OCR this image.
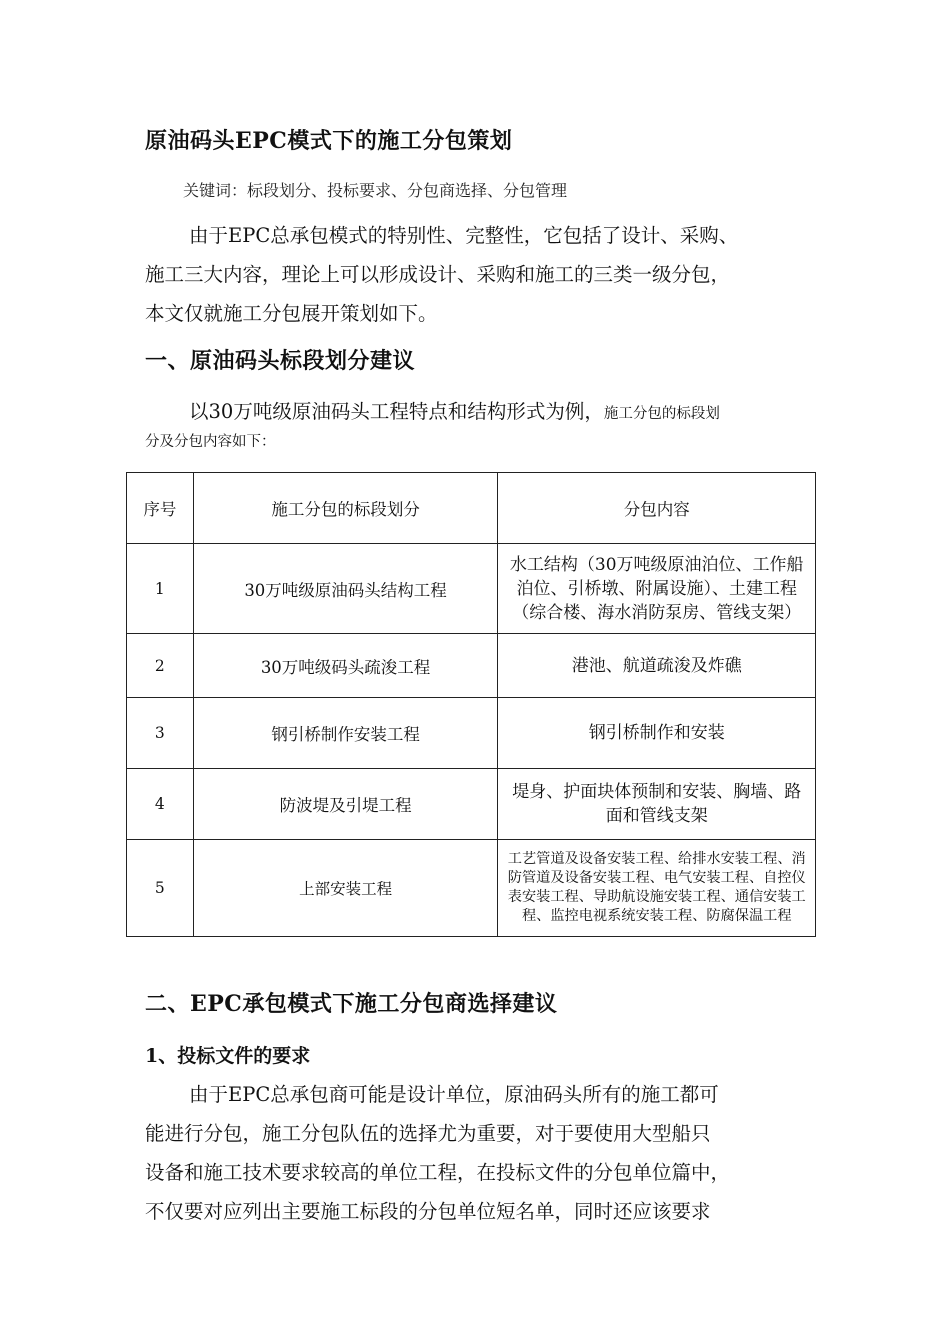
原油码头EPC模式下的施工分包策划
关键词：标段划分、投标要求、分包商选择、分包管理

由于EPC总承包模式的特别性、完整性，它包括了设计、采购、

施工三大内容，理论上可以形成设计、采购和施工的三类一级分包，

本文仅就施工分包展开策划如下。

一、原油码头标段划分建议
以30万吨级原油码头工程特点和结构形式为例，施工分包的标段划
分及分包内容如下：
序号	施工分包的标段划分	分包内容
1	30万吨级原油码头结构工程	水工结构（30万吨级原油泊位、工作船泊位、引桥墩、附属设施）、土建工程（综合楼、海水消防泵房、管线支架）
2	30万吨级码头疏浚工程	港池、航道疏浚及炸礁
3	钢引桥制作安装工程	钢引桥制作和安装
4	防波堤及引堤工程	堤身、护面块体预制和安装、胸墙、路面和管线支架
5	上部安装工程	工艺管道及设备安装工程、给排水安装工程、消防管道及设备安装工程、电气安装工程、自控仪表安装工程、导助航设施安装工程、通信安装工程、监控电视系统安装工程、防腐保温工程
二、EPC承包模式下施工分包商选择建议
1、投标文件的要求

由于EPC总承包商可能是设计单位，原油码头所有的施工都可

能进行分包，施工分包队伍的选择尤为重要，对于要使用大型船只

设备和施工技术要求较高的单位工程，在投标文件的分包单位篇中，

不仅要对应列出主要施工标段的分包单位短名单，同时还应该要求
